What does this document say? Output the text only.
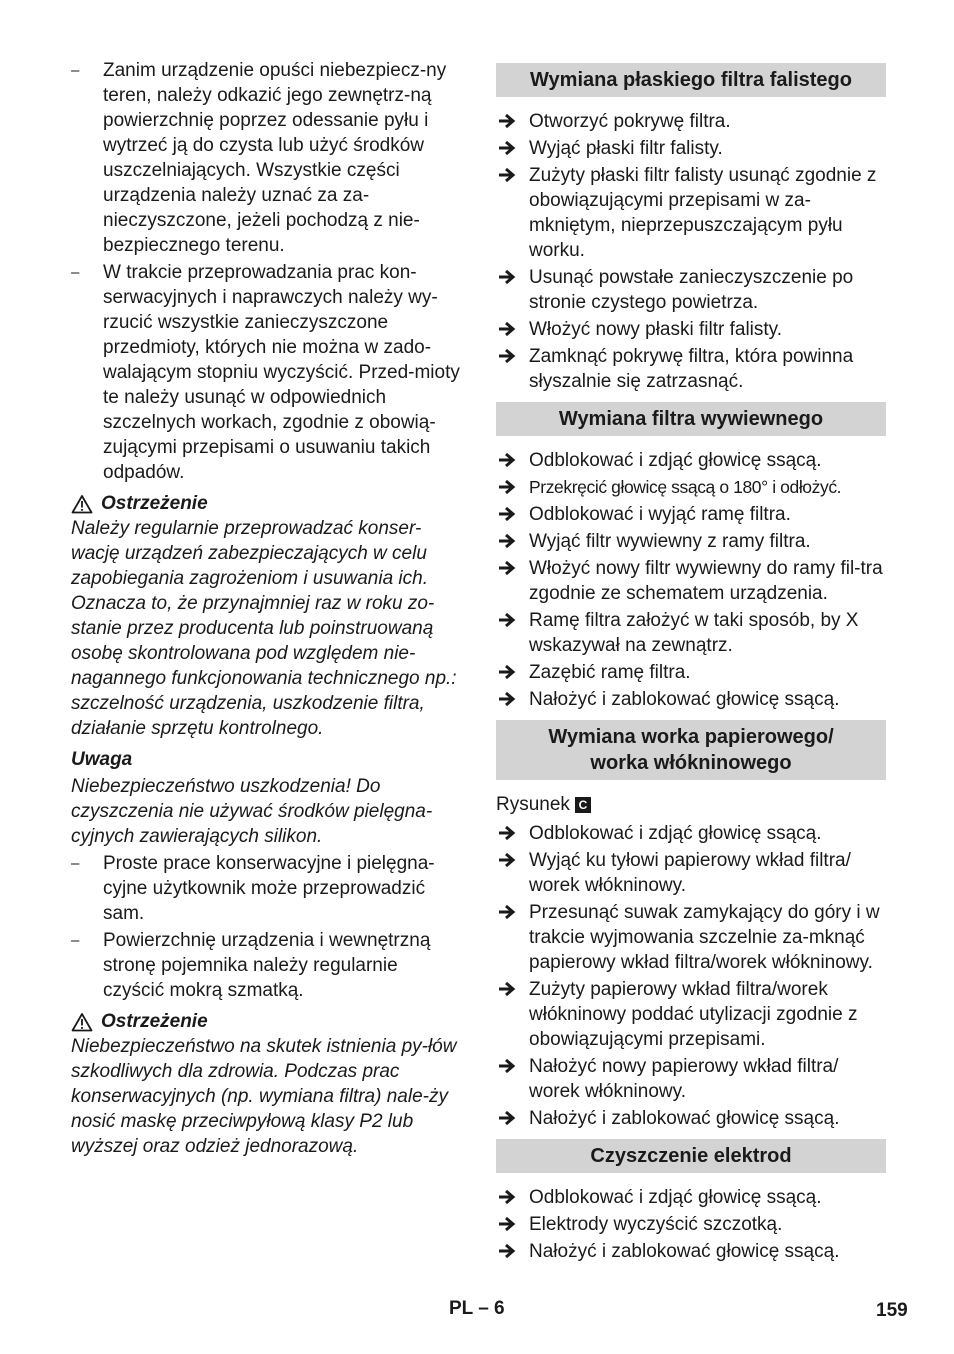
– Zanim urządzenie opuści niebezpiecz-ny teren, należy odkazić jego zewnętrz-ną powierzchnię poprzez odessanie pyłu i wytrzeć ją do czysta lub użyć środków uszczelniających. Wszystkie części urządzenia należy uznać za za-nieczyszczone, jeżeli pochodzą z nie-bezpiecznego terenu.
– W trakcie przeprowadzania prac kon-serwacyjnych i naprawczych należy wy-rzucić wszystkie zanieczyszczone przedmioty, których nie można w zado-walającym stopniu wyczyścić. Przed-mioty te należy usunąć w odpowiednich szczelnych workach, zgodnie z obowią-zującymi przepisami o usuwaniu takich odpadów.
Ostrzeżenie

Należy regularnie przeprowadzać konser-wację urządzeń zabezpieczających w celu zapobiegania zagrożeniom i usuwania ich. Oznacza to, że przynajmniej raz w roku zo-stanie przez producenta lub poinstruowaną osobę skontrolowana pod względem nie-nagannego funkcjonowania technicznego np.: szczelność urządzenia, uszkodzenie filtra, działanie sprzętu kontrolnego.

Uwaga

Niebezpieczeństwo uszkodzenia! Do czyszczenia nie używać środków pielęgna-cyjnych zawierających silikon.

– Proste prace konserwacyjne i pielęgna-cyjne użytkownik może przeprowadzić sam.
– Powierzchnię urządzenia i wewnętrzną stronę pojemnika należy regularnie czyścić mokrą szmatką.
Ostrzeżenie

Niebezpieczeństwo na skutek istnienia py-łów szkodliwych dla zdrowia. Podczas prac konserwacyjnych (np. wymiana filtra) nale-ży nosić maskę przeciwpyłową klasy P2 lub wyższej oraz odzież jednorazową.

Wymiana płaskiego filtra falistego
Otworzyć pokrywę filtra.
Wyjąć płaski filtr falisty.
Zużyty płaski filtr falisty usunąć zgodnie z obowiązującymi przepisami w za-mkniętym, nieprzepuszczającym pyłu worku.
Usunąć powstałe zanieczyszczenie po stronie czystego powietrza.
Włożyć nowy płaski filtr falisty.
Zamknąć pokrywę filtra, która powinna słyszalnie się zatrzasnąć.
Wymiana filtra wywiewnego
Odblokować i zdjąć głowicę ssącą.
Przekręcić głowicę ssącą o 180° i odłożyć.
Odblokować i wyjąć ramę filtra.
Wyjąć filtr wywiewny z ramy filtra.
Włożyć nowy filtr wywiewny do ramy fil-tra zgodnie ze schematem urządzenia.
Ramę filtra założyć w taki sposób, by X wskazywał na zewnątrz.
Zazębić ramę filtra.
Nałożyć i zablokować głowicę ssącą.
Wymiana worka papierowego/
worka włókninowego
Rysunek C
Odblokować i zdjąć głowicę ssącą.
Wyjąć ku tyłowi papierowy wkład filtra/ worek włókninowy.
Przesunąć suwak zamykający do góry i w trakcie wyjmowania szczelnie za-mknąć papierowy wkład filtra/worek włókninowy.
Zużyty papierowy wkład filtra/worek włókninowy poddać utylizacji zgodnie z obowiązującymi przepisami.
Nałożyć nowy papierowy wkład filtra/ worek włókninowy.
Nałożyć i zablokować głowicę ssącą.
Czyszczenie elektrod
Odblokować i zdjąć głowicę ssącą.
Elektrody wyczyścić szczotką.
Nałożyć i zablokować głowicę ssącą.
PL – 6	159
